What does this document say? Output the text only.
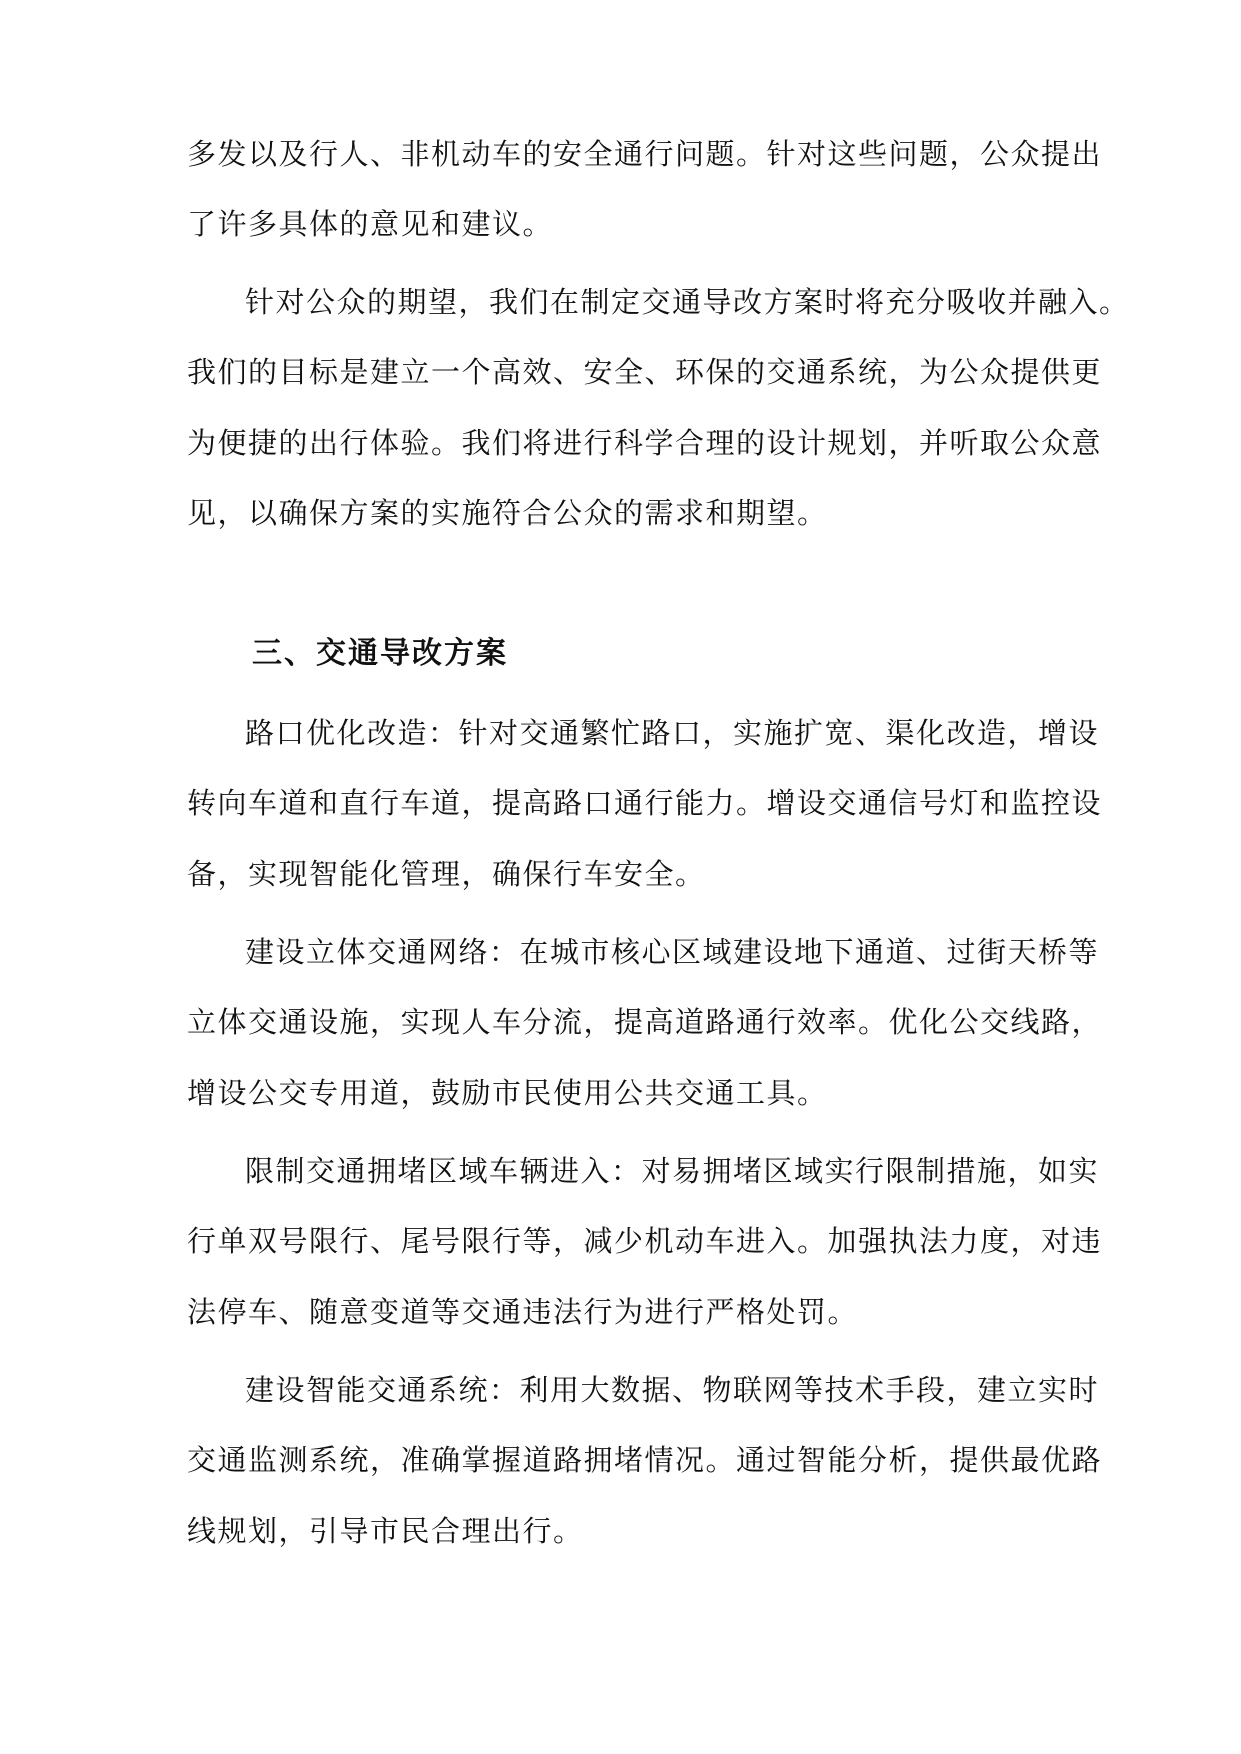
多发以及行人、非机动车的安全通行问题。针对这些问题，公众提出
了许多具体的意见和建议。
针对公众的期望，我们在制定交通导改方案时将充分吸收并融入。
我们的目标是建立一个高效、安全、环保的交通系统，为公众提供更
为便捷的出行体验。我们将进行科学合理的设计规划，并听取公众意
见，以确保方案的实施符合公众的需求和期望。
三、交通导改方案
路口优化改造：针对交通繁忙路口，实施扩宽、渠化改造，增设
转向车道和直行车道，提高路口通行能力。增设交通信号灯和监控设
备，实现智能化管理，确保行车安全。
建设立体交通网络：在城市核心区域建设地下通道、过街天桥等
立体交通设施，实现人车分流，提高道路通行效率。优化公交线路，
增设公交专用道，鼓励市民使用公共交通工具。
限制交通拥堵区域车辆进入：对易拥堵区域实行限制措施，如实
行单双号限行、尾号限行等，减少机动车进入。加强执法力度，对违
法停车、随意变道等交通违法行为进行严格处罚。
建设智能交通系统：利用大数据、物联网等技术手段，建立实时
交通监测系统，准确掌握道路拥堵情况。通过智能分析，提供最优路
线规划，引导市民合理出行。
